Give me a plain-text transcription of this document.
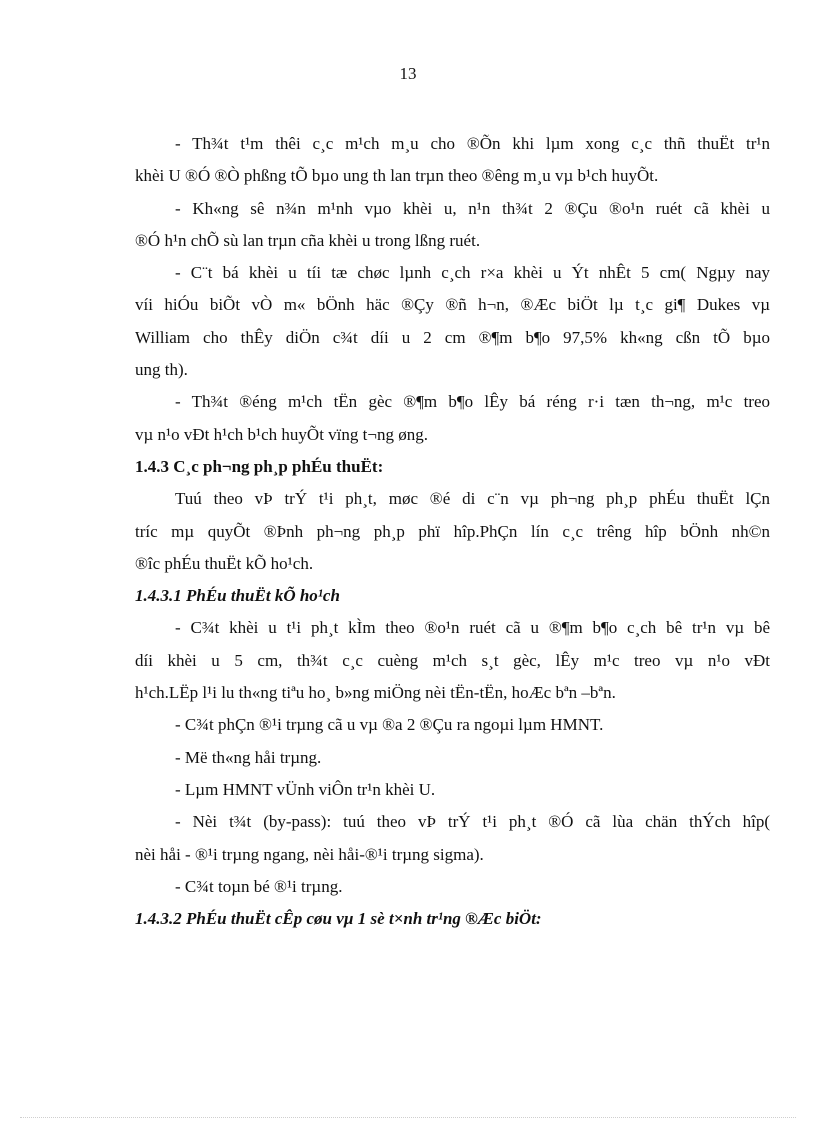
13
- Th¾t t¹m thêi c¸c m¹ch m¸u cho ®Õn khi lµm xong c¸c thñ thuËt tr¹n
khèi U ®Ó ®Ò phßng tÕ bµo ung th lan trµn theo ®êng m¸u vµ b¹ch huyÕt.
- Kh«ng sê n¾n m¹nh vµo khèi u, n¹n th¾t 2 ®Çu ®o¹n ruét cã khèi u
®Ó h¹n chÕ sù lan trµn cña khèi u trong lßng ruét.
- C¨t bá khèi u tíi tæ chøc lµnh c¸ch r×a khèi u Ýt nhÊt 5 cm( Ngµy nay
víi hiÓu biÕt vÒ m« bÖnh häc ®Çy ®ñ h¬n, ®Æc biÖt lµ t¸c gi¶ Dukes vµ
William cho thÊy diÖn c¾t díi u 2 cm ®¶m b¶o 97,5% kh«ng cßn tÕ bµo
ung th).
- Th¾t ®éng m¹ch tËn gèc ®¶m b¶o lÊy bá réng r·i tæn th¬ng, m¹c treo
vµ n¹o vÐt h¹ch b¹ch huyÕt vïng t¬ng øng.
1.4.3 C¸c ph¬ng ph¸p phÉu thuËt:
Tuú theo vÞ trÝ t¹i ph¸t, møc ®é di c¨n vµ ph¬ng ph¸p phÉu thuËt lÇn
tríc mµ quyÕt ®Þnh ph¬ng ph¸p phï hîp.PhÇn lín c¸c trêng hîp bÖnh nh©n
®îc phÉu thuËt kÕ ho¹ch.
1.4.3.1 PhÉu thuËt kÕ ho¹ch
- C¾t khèi u t¹i ph¸t kÌm theo ®o¹n ruét cã u ®¶m b¶o c¸ch bê tr¹n vµ bê
díi khèi u 5 cm, th¾t c¸c cuèng m¹ch s¸t gèc, lÊy m¹c treo vµ n¹o vÐt
h¹ch.LËp l¹i lu th«ng tiªu ho¸ b»ng miÖng nèi tËn-tËn, hoÆc bªn –bªn.
- C¾t phÇn ®¹i trµng cã u vµ ®a 2 ®Çu ra ngoµi lµm HMNT.
- Më th«ng håi trµng.
- Lµm HMNT vÜnh viÔn tr¹n khèi U.
- Nèi t¾t (by-pass): tuú theo vÞ trÝ t¹i ph¸t ®Ó cã lùa chän thÝch hîp(
nèi håi - ®¹i trµng ngang, nèi håi-®¹i trµng sigma).
- C¾t toµn bé ®¹i trµng.
1.4.3.2 PhÉu thuËt cÊp cøu vµ 1 sè t×nh tr¹ng ®Æc biÖt:
